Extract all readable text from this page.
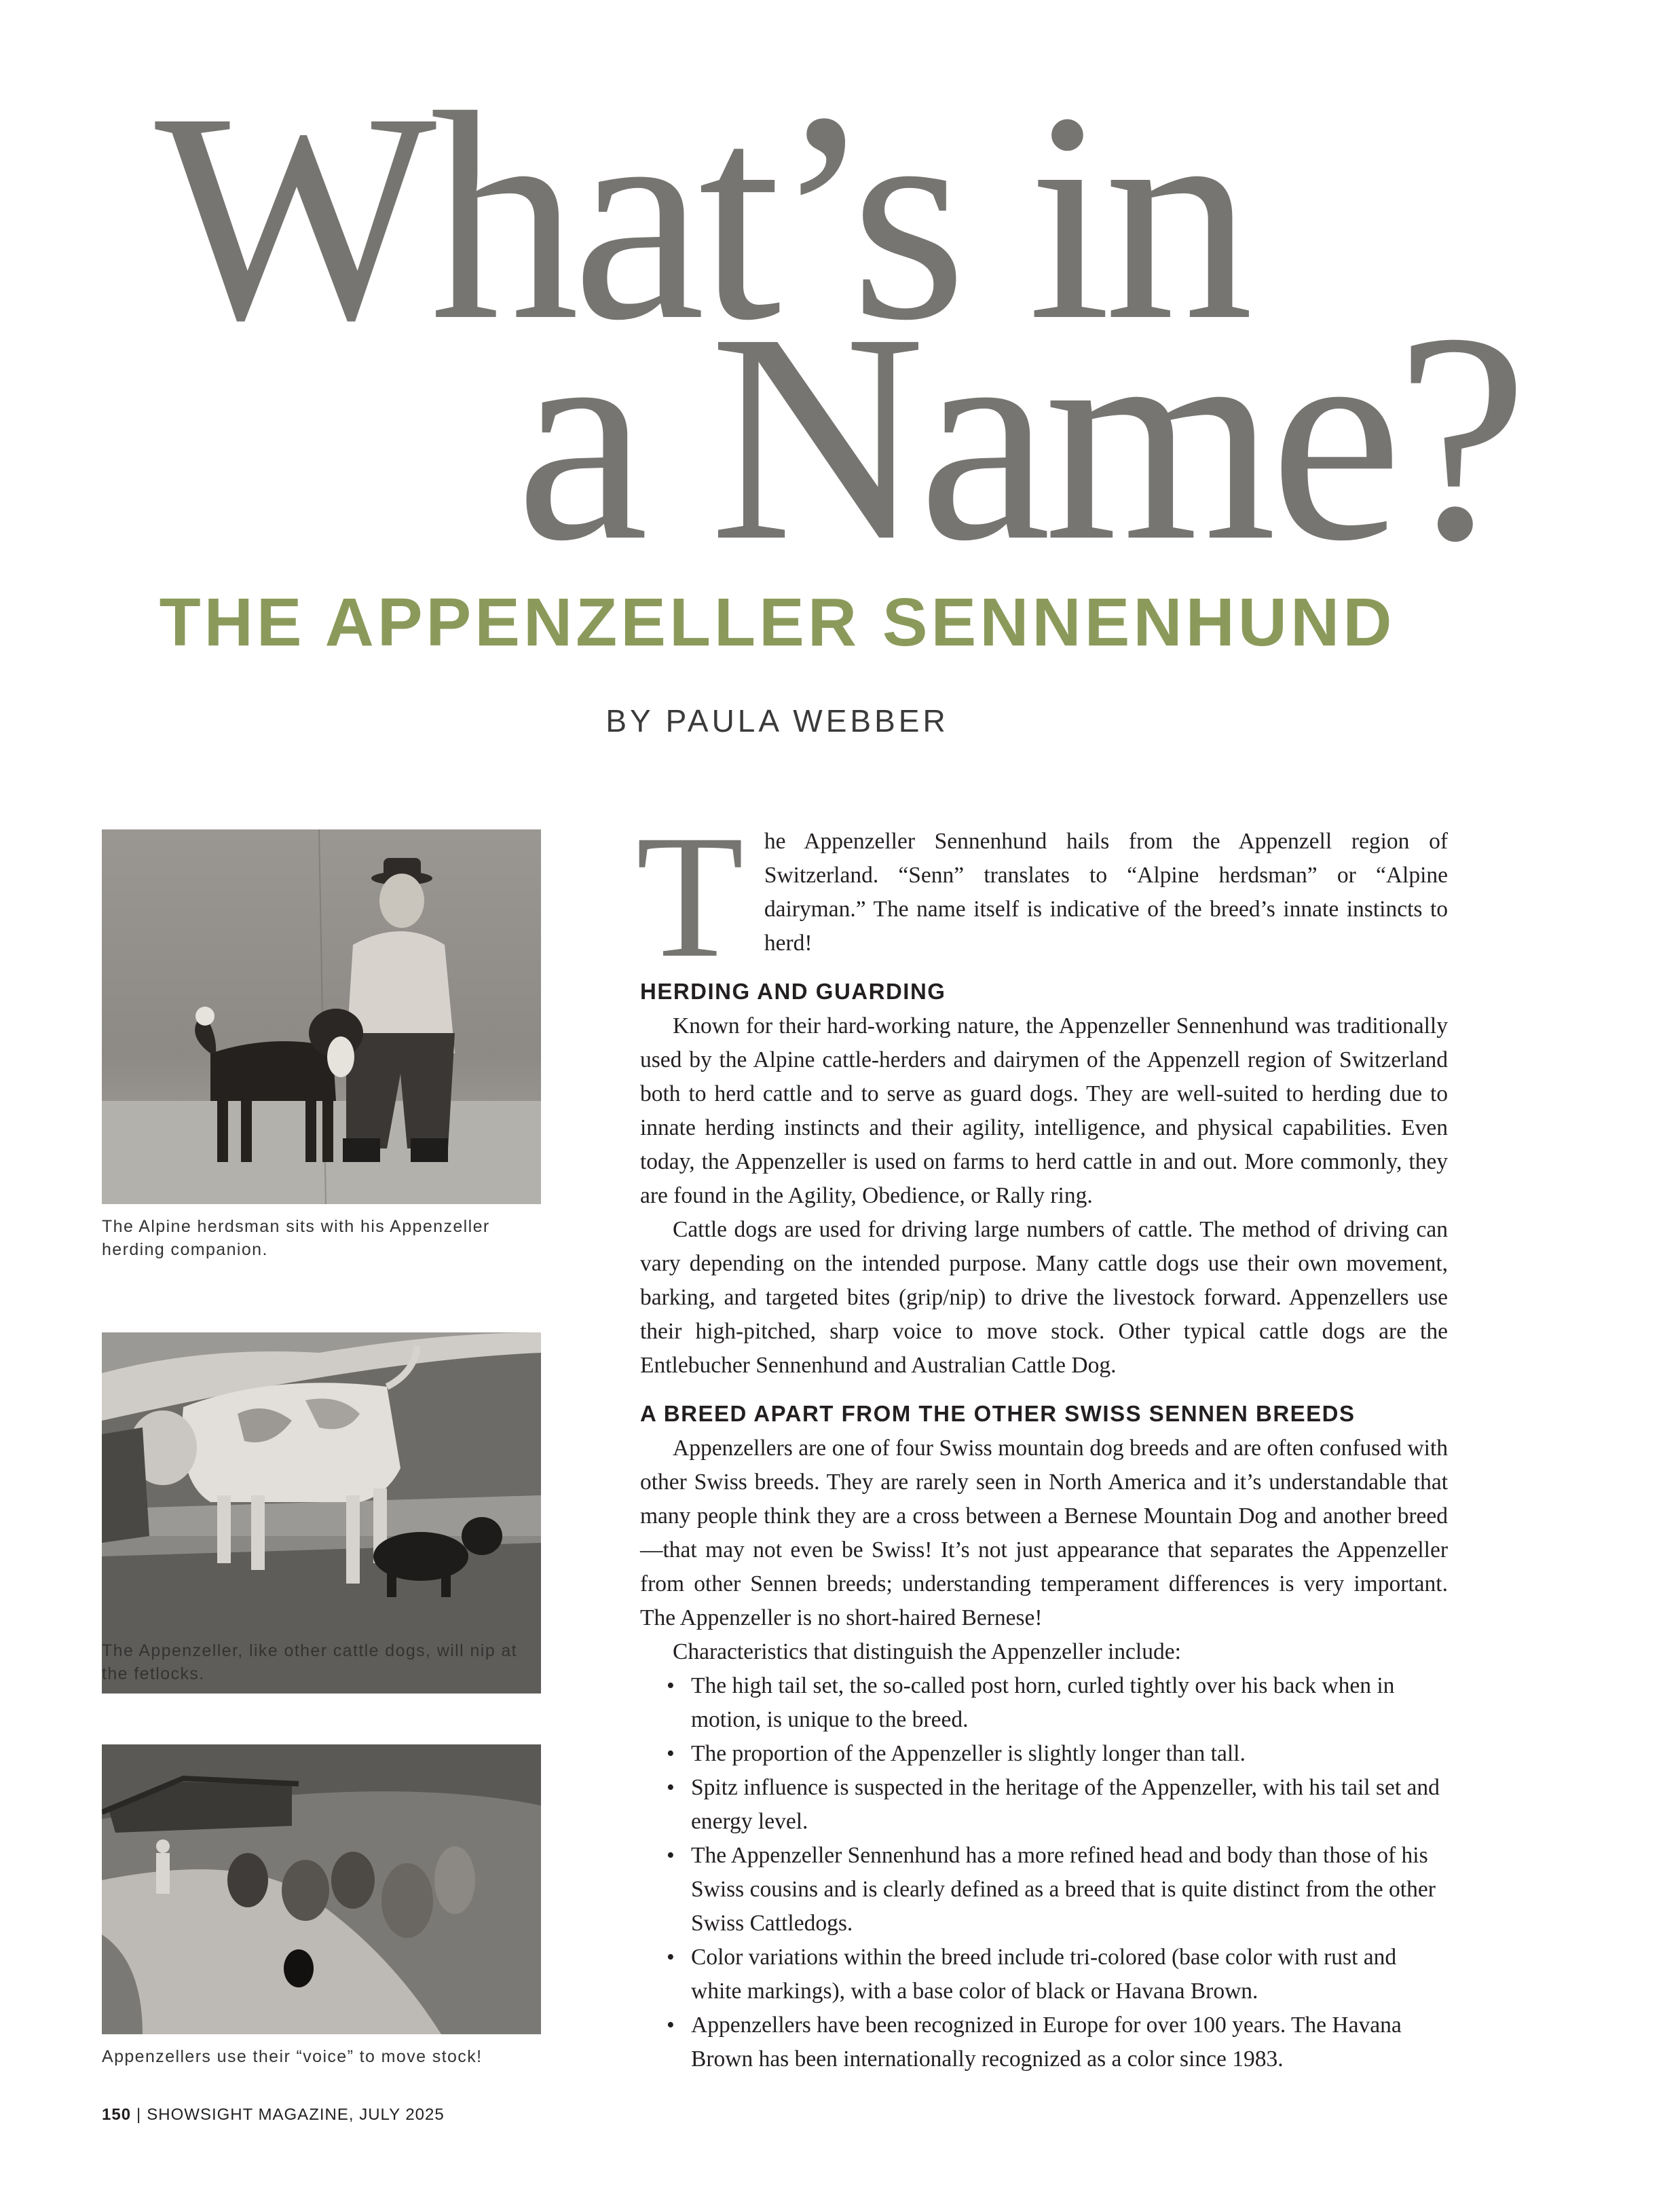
What’s in
a Name?
THE APPENZELLER SENNENHUND
BY PAULA WEBBER

The Alpine herdsman sits with his Appenzeller herding companion.

The Appenzeller, like other cattle dogs, will nip at the fetlocks.

Appenzellers use their “voice” to move stock!

The Appenzeller Sennenhund hails from the Appenzell region of Switzerland. “Senn” translates to “Alpine herdsman” or “Alpine dairyman.” The name itself is indicative of the breed’s innate instincts to herd!

HERDING AND GUARDING

Known for their hard-working nature, the Appenzeller Sennenhund was traditionally used by the Alpine cattle-herders and dairymen of the Appenzell region of Switzerland both to herd cattle and to serve as guard dogs. They are well-suited to herding due to innate herding instincts and their agility, intelligence, and physical capabilities. Even today, the Appenzeller is used on farms to herd cattle in and out. More commonly, they are found in the Agility, Obedience, or Rally ring.

Cattle dogs are used for driving large numbers of cattle. The method of driving can vary depending on the intended purpose. Many cattle dogs use their own movement, barking, and targeted bites (grip/nip) to drive the livestock forward. Appenzellers use their high-pitched, sharp voice to move stock. Other typical cattle dogs are the Entlebucher Sennenhund and Australian Cattle Dog.

A BREED APART FROM THE OTHER SWISS SENNEN BREEDS

Appenzellers are one of four Swiss mountain dog breeds and are often confused with other Swiss breeds. They are rarely seen in North America and it’s understandable that many people think they are a cross between a Bernese Mountain Dog and another breed—that may not even be Swiss! It’s not just appearance that separates the Appenzeller from other Sennen breeds; understanding temperament differences is very important. The Appenzeller is no short-haired Bernese!

Characteristics that distinguish the Appenzeller include:

• The high tail set, the so-called post horn, curled tightly over his back when in motion, is unique to the breed.
• The proportion of the Appenzeller is slightly longer than tall.
• Spitz influence is suspected in the heritage of the Appenzeller, with his tail set and energy level.
• The Appenzeller Sennenhund has a more refined head and body than those of his Swiss cousins and is clearly defined as a breed that is quite distinct from the other Swiss Cattledogs.
• Color variations within the breed include tri-colored (base color with rust and white markings), with a base color of black or Havana Brown.
• Appenzellers have been recognized in Europe for over 100 years. The Havana Brown has been internationally recognized as a color since 1983.
150 | SHOWSIGHT MAGAZINE, JULY 2025
